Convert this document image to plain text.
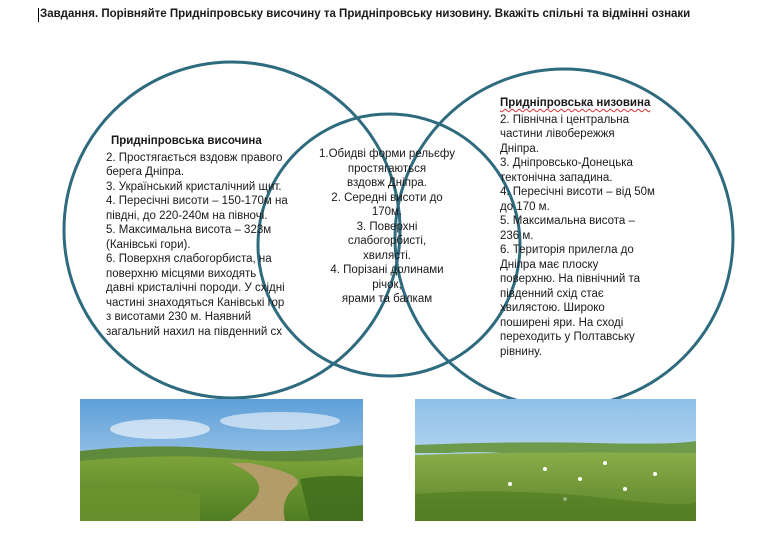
Завдання. Порівняйте Придніпровську височину та Придніпровську низовину. Вкажіть спільні та відмінні ознаки
Придніпровська височина
2. Простягається вздовж правого
берега Дніпра.
3. Український кристалічний щит.
4. Пересічні висоти – 150-170м на
півдні, до 220-240м на півночі.
5. Максимальна висота – 323м
(Канівські гори).
6. Поверхня слабогорбиста, на
поверхню місцями виходять
давні кристалічні породи. У східні
частині знаходяться Канівські гор
з висотами 230 м. Наявний
загальний нахил на південний сх
1.Обидві форми рельєфу
простягаються
вздовж Дніпра.
2. Середні висоти до
170м.
3. Поверхні
слабогорбисті,
хвилясті.
4. Порізані долинами
річок,
ярами та балкам
Придніпровська низовина
2. Північна і центральна
частини лівобережжя
Дніпра.
3. Дніпровсько-Донецька
тектонічна западина.
4. Пересічні висоти – від 50м
до 170 м.
5. Максимальна висота –
236 м.
6. Територія прилегла до
Дніпра має плоску
поверхню. На північний та
південний схід стає
хвилястою. Широко
поширені яри. На сході
переходить у Полтавську
рівнину.
